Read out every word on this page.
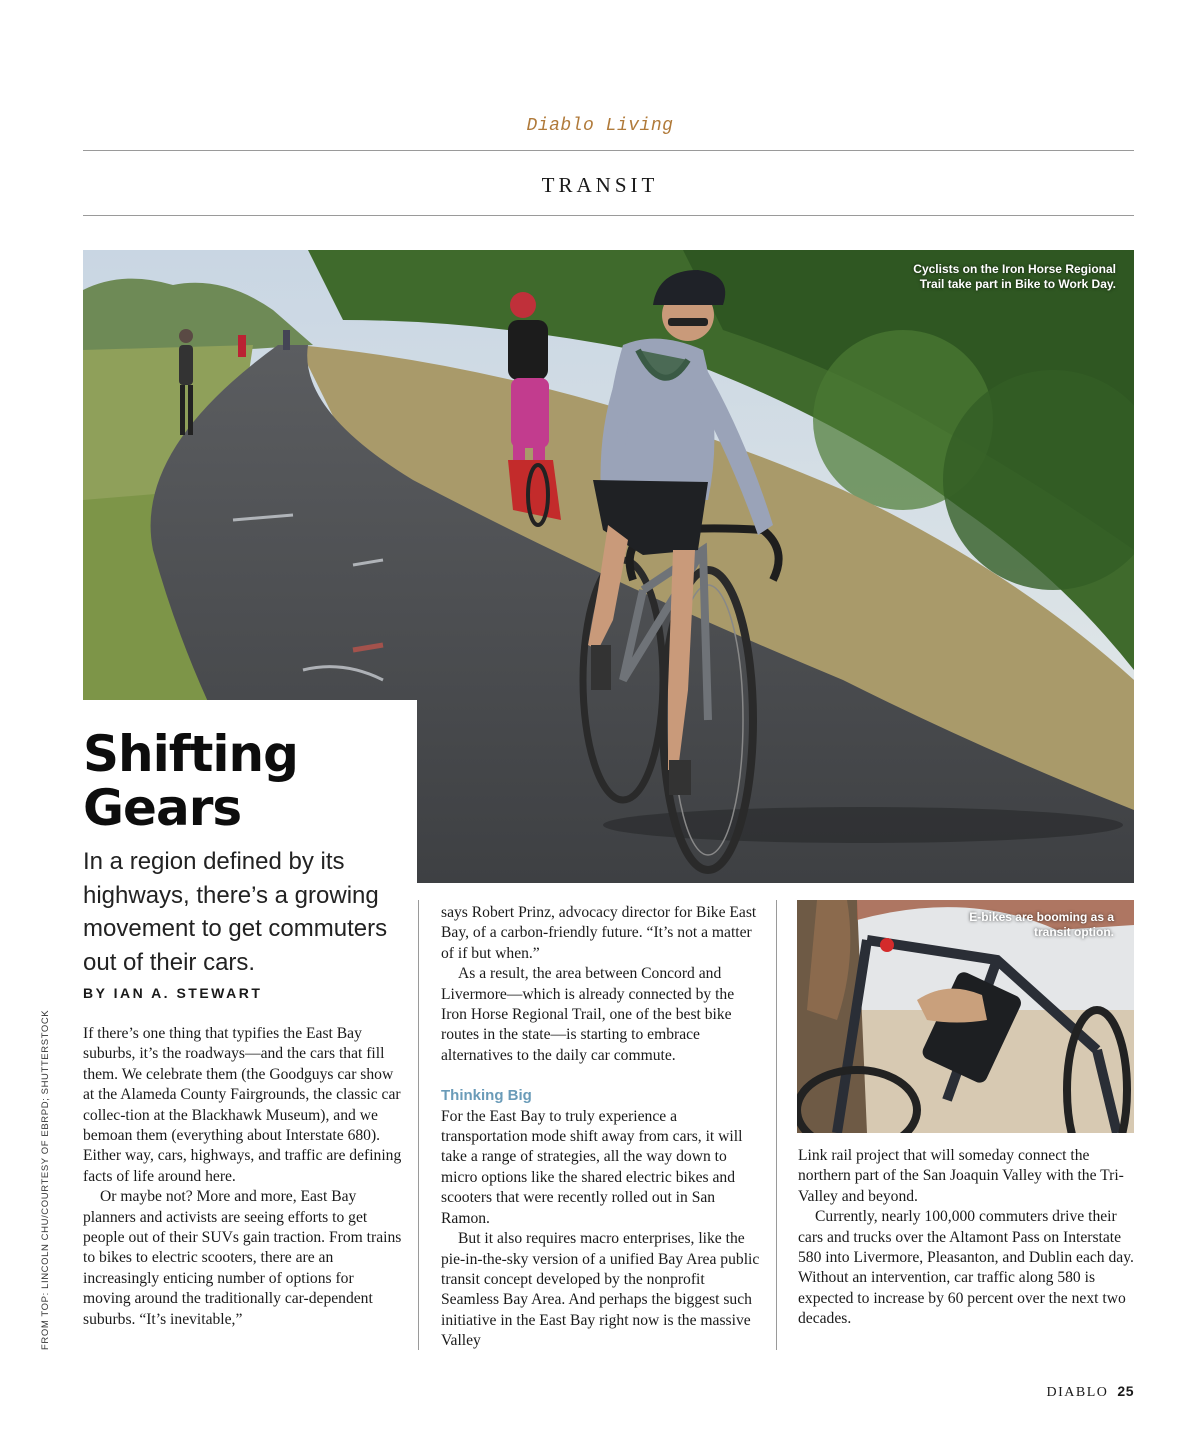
Diablo Living
TRANSIT
Cyclists on the Iron Horse Regional Trail take part in Bike to Work Day.
Shifting
Gears
In a region defined by its highways, there’s a growing movement to get commuters out of their cars.
BY IAN A. STEWART

If there’s one thing that typifies the East Bay suburbs, it’s the roadways—and the cars that fill them. We celebrate them (the Goodguys car show at the Alameda County Fairgrounds, the classic car collec-tion at the Blackhawk Museum), and we bemoan them (everything about Interstate 680). Either way, cars, highways, and traffic are defining facts of life around here.

Or maybe not? More and more, East Bay planners and activists are seeing efforts to get people out of their SUVs gain traction. From trains to bikes to electric scooters, there are an increasingly enticing number of options for moving around the traditionally car-dependent suburbs. “It’s inevitable,”

says Robert Prinz, advocacy director for Bike East Bay, of a carbon-friendly future. “It’s not a matter of if but when.”

As a result, the area between Concord and Livermore—which is already connected by the Iron Horse Regional Trail, one of the best bike routes in the state—is starting to embrace alternatives to the daily car commute.

Thinking Big

For the East Bay to truly experience a transportation mode shift away from cars, it will take a range of strategies, all the way down to micro options like the shared electric bikes and scooters that were recently rolled out in San Ramon.

But it also requires macro enterprises, like the pie-in-the-sky version of a unified Bay Area public transit concept developed by the nonprofit Seamless Bay Area. And perhaps the biggest such initiative in the East Bay right now is the massive Valley

E-bikes are booming as a transit option.

Link rail project that will someday connect the northern part of the San Joaquin Valley with the Tri-Valley and beyond.

Currently, nearly 100,000 commuters drive their cars and trucks over the Altamont Pass on Interstate 580 into Livermore, Pleasanton, and Dublin each day. Without an intervention, car traffic along 580 is expected to increase by 60 percent over the next two decades.

FROM TOP: LINCOLN CHU/COURTESY OF EBRPD; SHUTTERSTOCK
DIABLO 25
